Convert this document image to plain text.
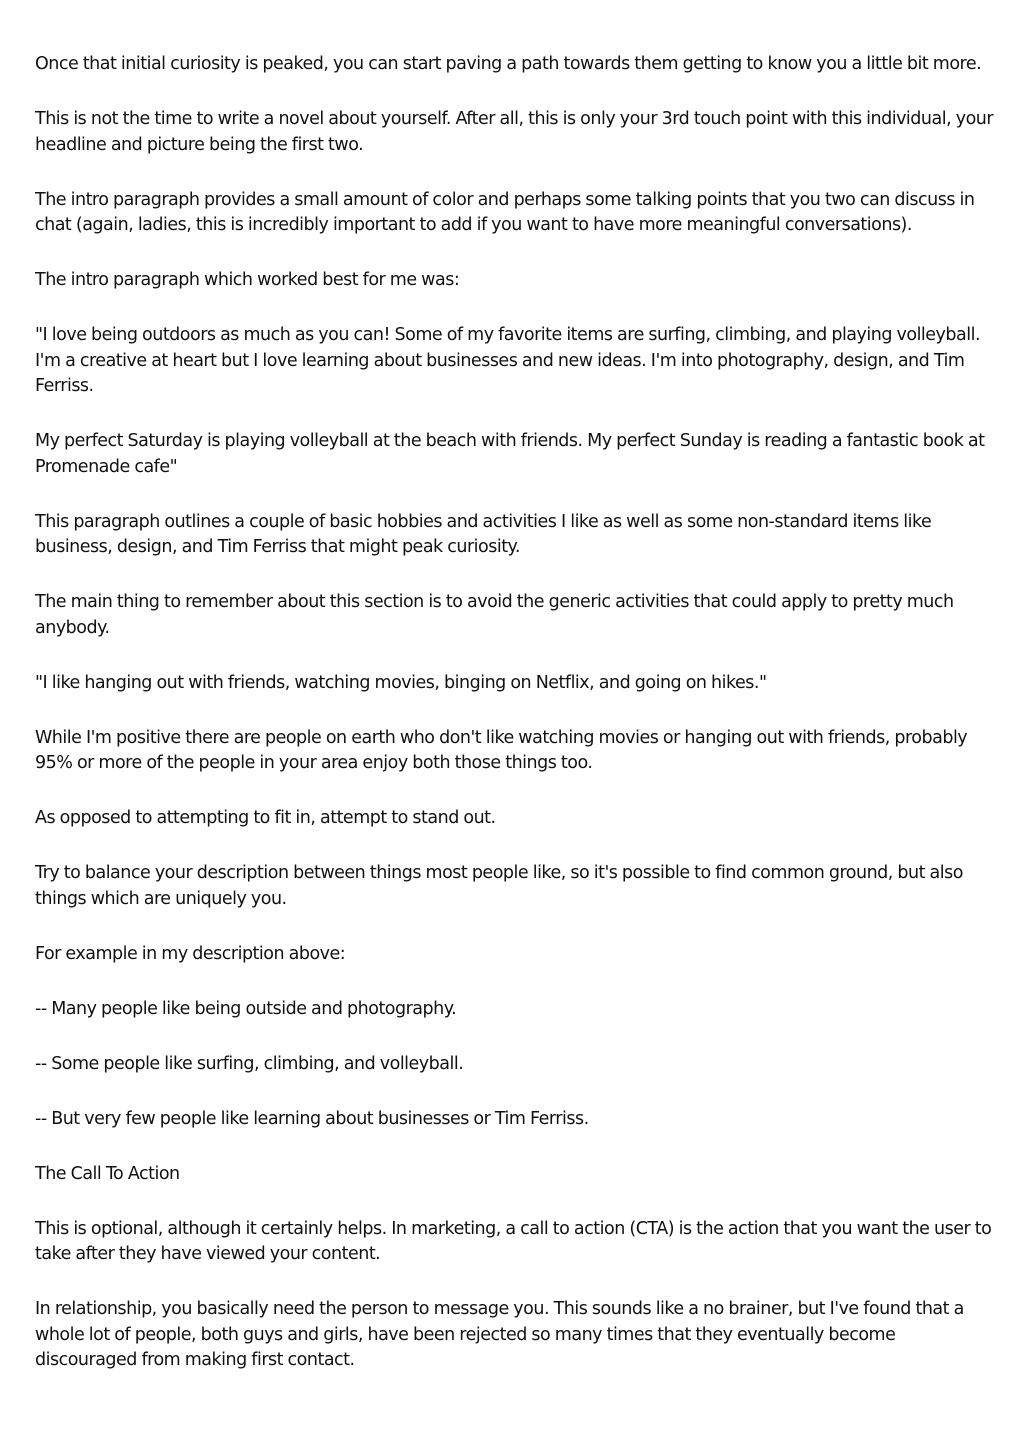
Once that initial curiosity is peaked, you can start paving a path towards them getting to know you a little bit more.

This is not the time to write a novel about yourself. After all, this is only your 3rd touch point with this individual, your headline and picture being the first two.

The intro paragraph provides a small amount of color and perhaps some talking points that you two can discuss in chat (again, ladies, this is incredibly important to add if you want to have more meaningful conversations).

The intro paragraph which worked best for me was:

"I love being outdoors as much as you can! Some of my favorite items are surfing, climbing, and playing volleyball. I'm a creative at heart but I love learning about businesses and new ideas. I'm into photography, design, and Tim Ferriss.

My perfect Saturday is playing volleyball at the beach with friends. My perfect Sunday is reading a fantastic book at Promenade cafe"

This paragraph outlines a couple of basic hobbies and activities I like as well as some non-standard items like business, design, and Tim Ferriss that might peak curiosity.

The main thing to remember about this section is to avoid the generic activities that could apply to pretty much anybody.

"I like hanging out with friends, watching movies, binging on Netflix, and going on hikes."

While I'm positive there are people on earth who don't like watching movies or hanging out with friends, probably 95% or more of the people in your area enjoy both those things too.

As opposed to attempting to fit in, attempt to stand out.

Try to balance your description between things most people like, so it's possible to find common ground, but also things which are uniquely you.

For example in my description above:

-- Many people like being outside and photography.

-- Some people like surfing, climbing, and volleyball.

-- But very few people like learning about businesses or Tim Ferriss.

The Call To Action

This is optional, although it certainly helps. In marketing, a call to action (CTA) is the action that you want the user to take after they have viewed your content.

In relationship, you basically need the person to message you. This sounds like a no brainer, but I've found that a whole lot of people, both guys and girls, have been rejected so many times that they eventually become discouraged from making first contact.
